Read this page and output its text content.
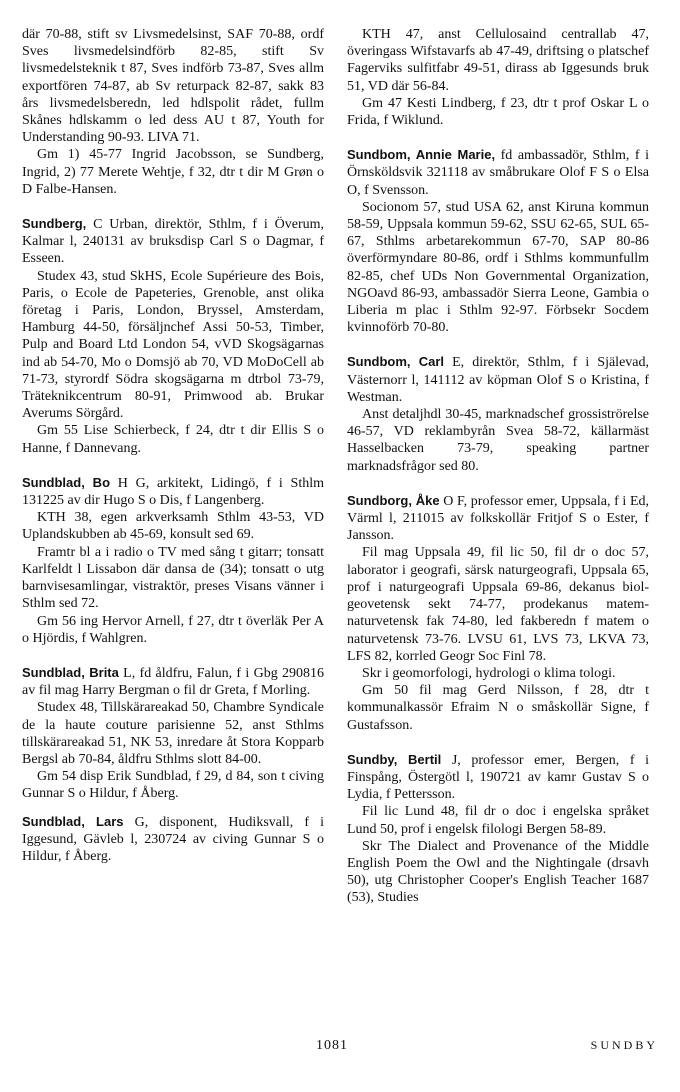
där 70-88, stift sv Livsmedelsinst, SAF 70-88, ordf Sves livsmedelsindförb 82-85, stift Sv livsmedelsteknik t 87, Sves indförb 73-87, Sves allm exportfören 74-87, ab Sv returpack 82-87, sakk 83 års livsmedelsberedn, led hdlspolit rådet, fullm Skånes hdlskamm o led dess AU t 87, Youth for Understanding 90-93. LIVA 71.

Gm 1) 45-77 Ingrid Jacobsson, se Sundberg, Ingrid, 2) 77 Merete Wehtje, f 32, dtr t dir M Grøn o D Falbe-Hansen.

Sundberg, C Urban, direktör, Sthlm, f i Överum, Kalmar l, 240131 av bruksdisp Carl S o Dagmar, f Esseen.

Studex 43, stud SkHS, Ecole Supérieure des Bois, Paris, o Ecole de Papeteries, Grenoble, anst olika företag i Paris, London, Bryssel, Amsterdam, Hamburg 44-50, försäljnchef Assi 50-53, Timber, Pulp and Board Ltd London 54, vVD Skogsägarnas ind ab 54-70, Mo o Domsjö ab 70, VD MoDoCell ab 71-73, styrordf Södra skogsägarna m dtrbol 73-79, Träteknikcentrum 80-91, Primwood ab. Brukar Averums Sörgård.

Gm 55 Lise Schierbeck, f 24, dtr t dir Ellis S o Hanne, f Dannevang.

Sundblad, Bo H G, arkitekt, Lidingö, f i Sthlm 131225 av dir Hugo S o Dis, f Langenberg.

KTH 38, egen arkverksamh Sthlm 43-53, VD Uplandskubben ab 45-69, konsult sed 69.

Framtr bl a i radio o TV med sång t gitarr; tonsatt Karlfeldt l Lissabon där dansa de (34); tonsatt o utg barnvisesamlingar, vistraktör, preses Visans vänner i Sthlm sed 72.

Gm 56 ing Hervor Arnell, f 27, dtr t överläk Per A o Hjördis, f Wahlgren.

Sundblad, Brita L, fd åldfru, Falun, f i Gbg 290816 av fil mag Harry Bergman o fil dr Greta, f Morling.

Studex 48, Tillskärareakad 50, Chambre Syndicale de la haute couture parisienne 52, anst Sthlms tillskärareakad 51, NK 53, inredare åt Stora Kopparb Bergsl ab 70-84, åldfru Sthlms slott 84-00.

Gm 54 disp Erik Sundblad, f 29, d 84, son t civing Gunnar S o Hildur, f Åberg.

Sundblad, Lars G, disponent, Hudiksvall, f i Iggesund, Gävleb l, 230724 av civing Gunnar S o Hildur, f Åberg.

KTH 47, anst Cellulosaind centrallab 47, överingass Wifstavarfs ab 47-49, driftsing o platschef Fagerviks sulfitfabr 49-51, dirass ab Iggesunds bruk 51, VD där 56-84.

Gm 47 Kesti Lindberg, f 23, dtr t prof Oskar L o Frida, f Wiklund.

Sundbom, Annie Marie, fd ambassadör, Sthlm, f i Örnsköldsvik 321118 av småbrukare Olof F S o Elsa O, f Svensson.

Socionom 57, stud USA 62, anst Kiruna kommun 58-59, Uppsala kommun 59-62, SSU 62-65, SUL 65-67, Sthlms arbetarekommun 67-70, SAP 80-86 överförmyndare 80-86, ordf i Sthlms kommunfullm 82-85, chef UDs Non Governmental Organization, NGOavd 86-93, ambassadör Sierra Leone, Gambia o Liberia m plac i Sthlm 92-97. Förbsekr Socdem kvinnoförb 70-80.

Sundbom, Carl E, direktör, Sthlm, f i Själevad, Västernorr l, 141112 av köpman Olof S o Kristina, f Westman.

Anst detaljhdl 30-45, marknadschef grossiströrelse 46-57, VD reklambyrån Svea 58-72, källarmäst Hasselbacken 73-79, speaking partner marknadsfrågor sed 80.

Sundborg, Åke O F, professor emer, Uppsala, f i Ed, Värml l, 211015 av folkskollär Fritjof S o Ester, f Jansson.

Fil mag Uppsala 49, fil lic 50, fil dr o doc 57, laborator i geografi, särsk naturgeografi, Uppsala 65, prof i naturgeografi Uppsala 69-86, dekanus biol-geovetensk sekt 74-77, prodekanus matem-naturvetensk fak 74-80, led fakberedn f matem o naturvetensk 73-76. LVSU 61, LVS 73, LKVA 73, LFS 82, korrled Geogr Soc Finl 78.

Skr i geomorfologi, hydrologi o klima tologi.

Gm 50 fil mag Gerd Nilsson, f 28, dtr t kommunalkassör Efraim N o småskollär Signe, f Gustafsson.

Sundby, Bertil J, professor emer, Bergen, f i Finspång, Östergötl l, 190721 av kamr Gustav S o Lydia, f Pettersson.

Fil lic Lund 48, fil dr o doc i engelska språket Lund 50, prof i engelsk filologi Bergen 58-89.

Skr The Dialect and Provenance of the Middle English Poem the Owl and the Nightingale (drsavh 50), utg Christopher Cooper's English Teacher 1687 (53), Studies

1081	SUNDBY
